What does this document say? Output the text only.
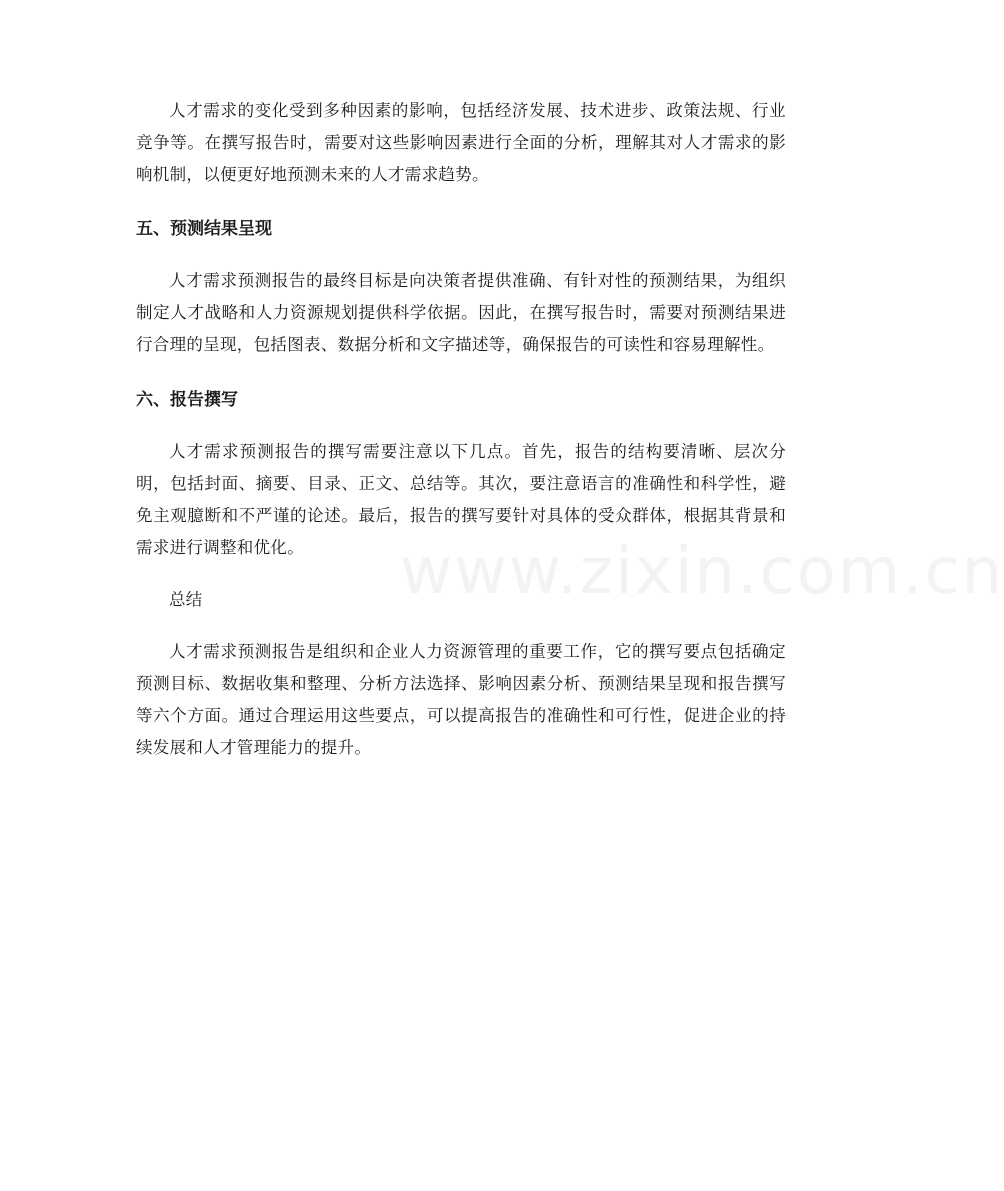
人才需求的变化受到多种因素的影响，包括经济发展、技术进步、政策法规、行业竞争等。在撰写报告时，需要对这些影响因素进行全面的分析，理解其对人才需求的影响机制，以便更好地预测未来的人才需求趋势。

五、预测结果呈现

人才需求预测报告的最终目标是向决策者提供准确、有针对性的预测结果，为组织制定人才战略和人力资源规划提供科学依据。因此，在撰写报告时，需要对预测结果进行合理的呈现，包括图表、数据分析和文字描述等，确保报告的可读性和容易理解性。

六、报告撰写

人才需求预测报告的撰写需要注意以下几点。首先，报告的结构要清晰、层次分明，包括封面、摘要、目录、正文、总结等。其次，要注意语言的准确性和科学性，避免主观臆断和不严谨的论述。最后，报告的撰写要针对具体的受众群体，根据其背景和需求进行调整和优化。

总结

人才需求预测报告是组织和企业人力资源管理的重要工作，它的撰写要点包括确定预测目标、数据收集和整理、分析方法选择、影响因素分析、预测结果呈现和报告撰写等六个方面。通过合理运用这些要点，可以提高报告的准确性和可行性，促进企业的持续发展和人才管理能力的提升。

www.zixin.com.cn
